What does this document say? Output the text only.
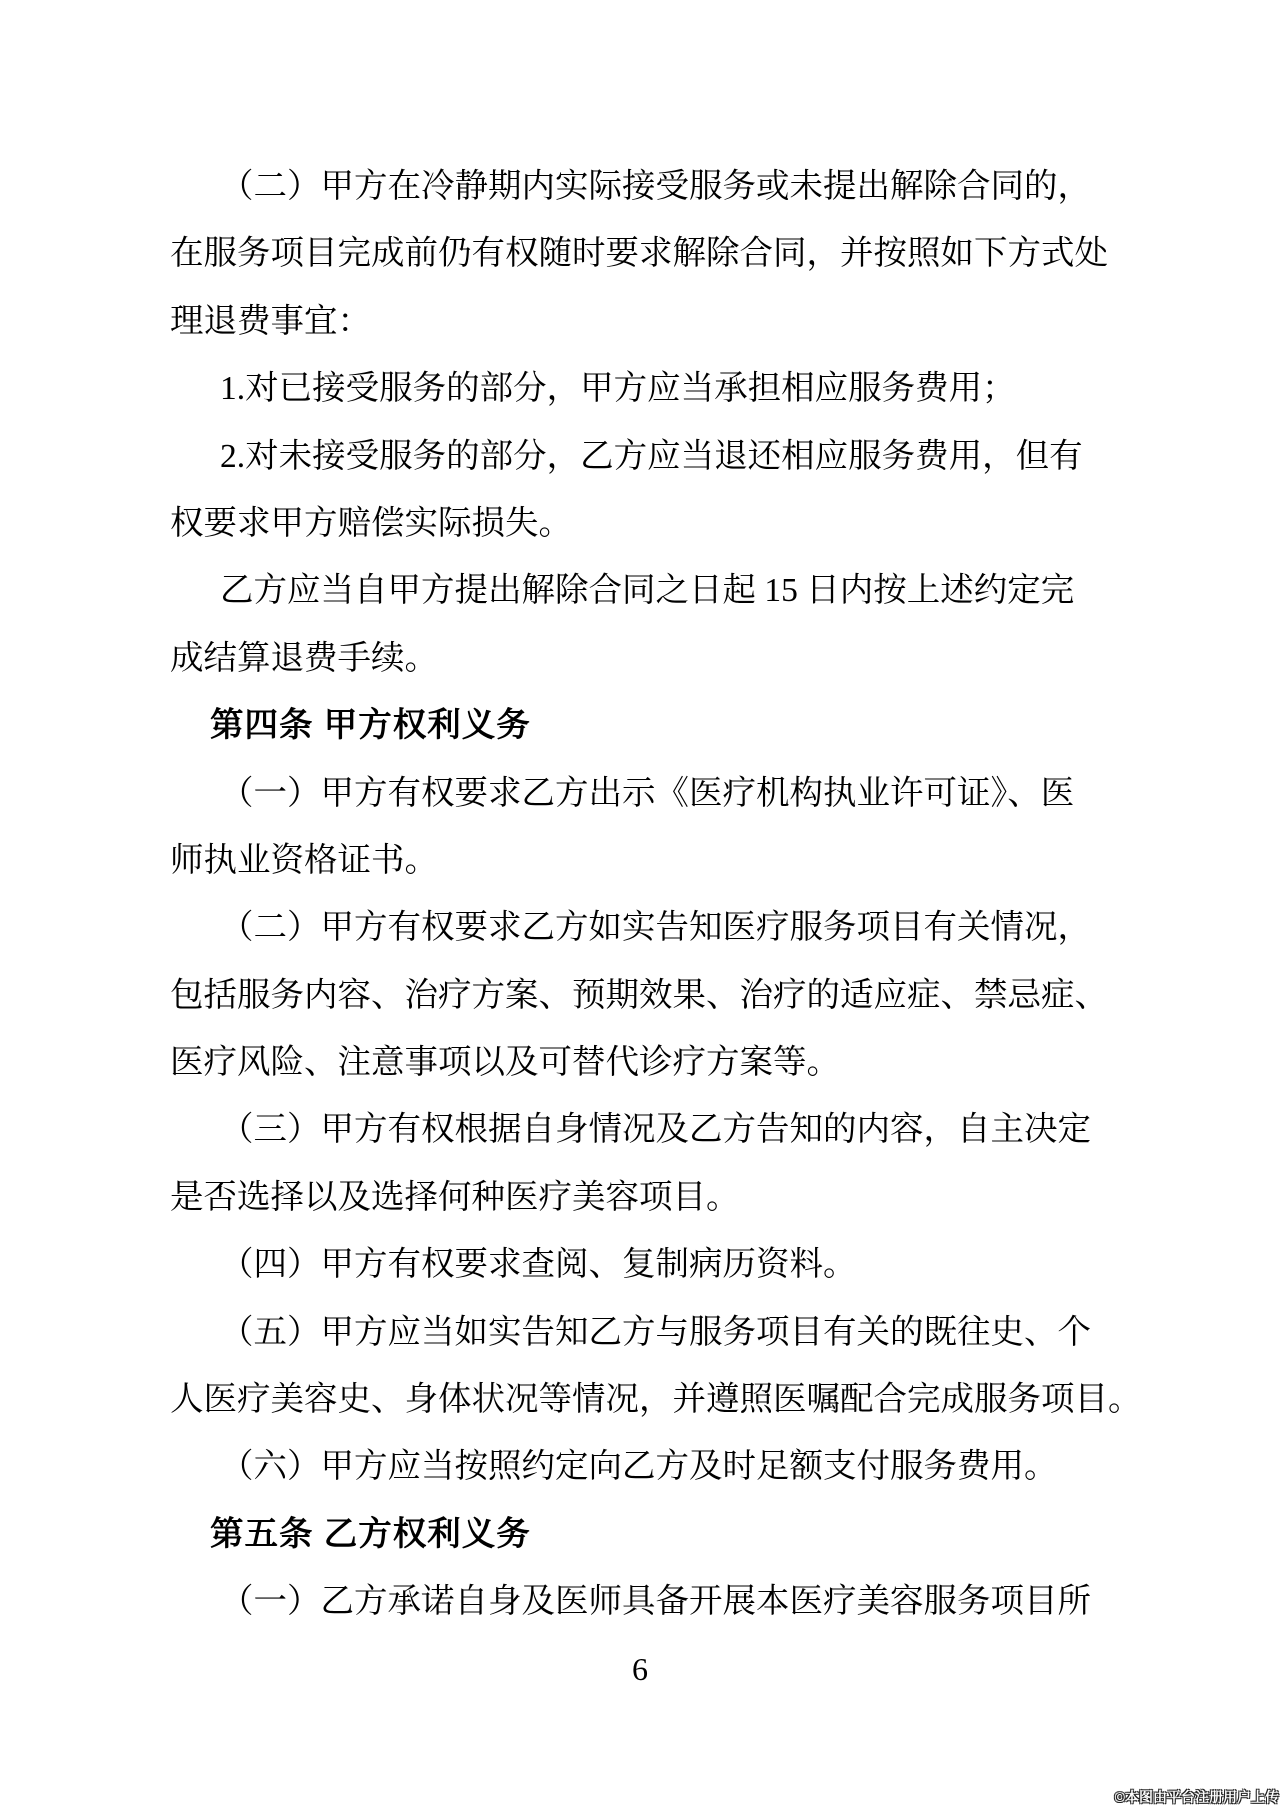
（二）甲方在冷静期内实际接受服务或未提出解除合同的，
在服务项目完成前仍有权随时要求解除合同，并按照如下方式处
理退费事宜：
1.对已接受服务的部分，甲方应当承担相应服务费用；
2.对未接受服务的部分，乙方应当退还相应服务费用，但有
权要求甲方赔偿实际损失。
乙方应当自甲方提出解除合同之日起 15 日内按上述约定完
成结算退费手续。
第四条 甲方权利义务
（一）甲方有权要求乙方出示《医疗机构执业许可证》、医
师执业资格证书。
（二）甲方有权要求乙方如实告知医疗服务项目有关情况，
包括服务内容、治疗方案、预期效果、治疗的适应症、禁忌症、
医疗风险、注意事项以及可替代诊疗方案等。
（三）甲方有权根据自身情况及乙方告知的内容，自主决定
是否选择以及选择何种医疗美容项目。
（四）甲方有权要求查阅、复制病历资料。
（五）甲方应当如实告知乙方与服务项目有关的既往史、个
人医疗美容史、身体状况等情况，并遵照医嘱配合完成服务项目。
（六）甲方应当按照约定向乙方及时足额支付服务费用。
第五条 乙方权利义务
（一）乙方承诺自身及医师具备开展本医疗美容服务项目所
6
©本图由平台注册用户上传
